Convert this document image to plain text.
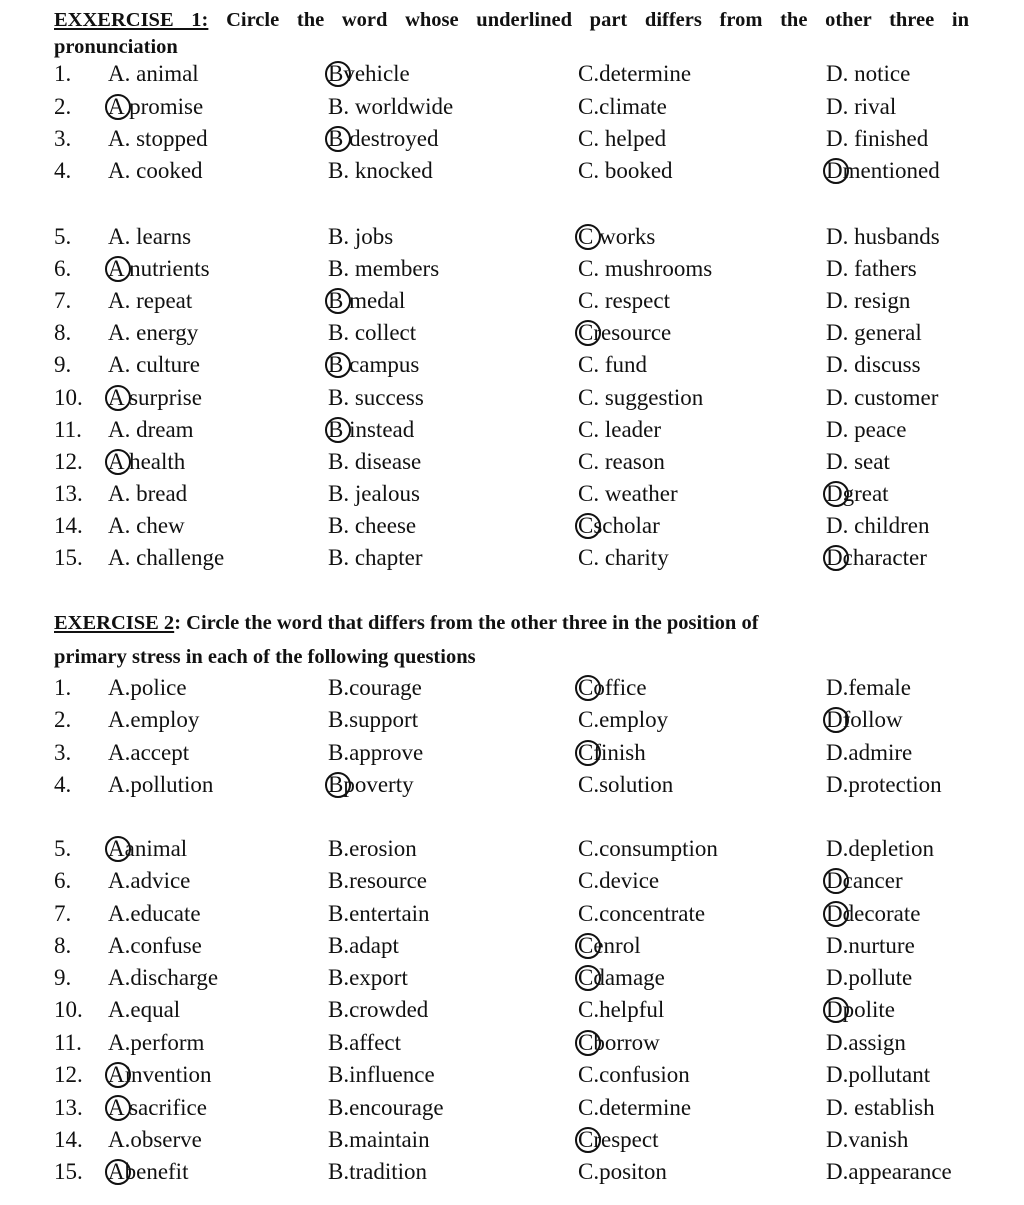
EXXERCISE 1: Circle the word whose underlined part differs from the other three in
pronunciation
1. A. animal	Bvehicle	C.determine	D. notice
2. A promise	B. worldwide	C.climate	D. rival
3. A. stopped	B destroyed	C. helped	D. finished
4. A. cooked	B. knocked	C. booked	Dmentioned
5. A. learns	B. jobs	C works	D. husbands
6. A nutrients	B. members	C. mushrooms	D. fathers
7. A. repeat	B medal	C. respect	D. resign
8. A. energy	B. collect	Cresource	D. general
9. A. culture	B campus	C. fund	D. discuss
10. A surprise	B. success	C. suggestion	D. customer
11. A. dream	B instead	C. leader	D. peace
12. A health	B. disease	C. reason	D. seat
13. A. bread	B. jealous	C. weather	Dgreat
14. A. chew	B. cheese	Cscholar	D. children
15. A. challenge	B. chapter	C. charity	Dcharacter
EXERCISE 2: Circle the word that differs from the other three in the position of
primary stress in each of the following questions
1. A.police	B.courage	Coffice	D.female
2. A.employ	B.support	C.employ	Dfollow
3. A.accept	B.approve	Cfinish	D.admire
4. A.pollution	Bpoverty	C.solution	D.protection
5. Aanimal	B.erosion	C.consumption	D.depletion
6. A.advice	B.resource	C.device	Dcancer
7. A.educate	B.entertain	C.concentrate	Ddecorate
8. A.confuse	B.adapt	Cenrol	D.nurture
9. A.discharge	B.export	Cdamage	D.pollute
10. A.equal	B.crowded	C.helpful	Dpolite
11. A.perform	B.affect	Cborrow	D.assign
12. Ainvention	B.influence	C.confusion	D.pollutant
13. A sacrifice	B.encourage	C.determine	D. establish
14. A.observe	B.maintain	Crespect	D.vanish
15. Abenefit	B.tradition	C.positon	D.appearance
